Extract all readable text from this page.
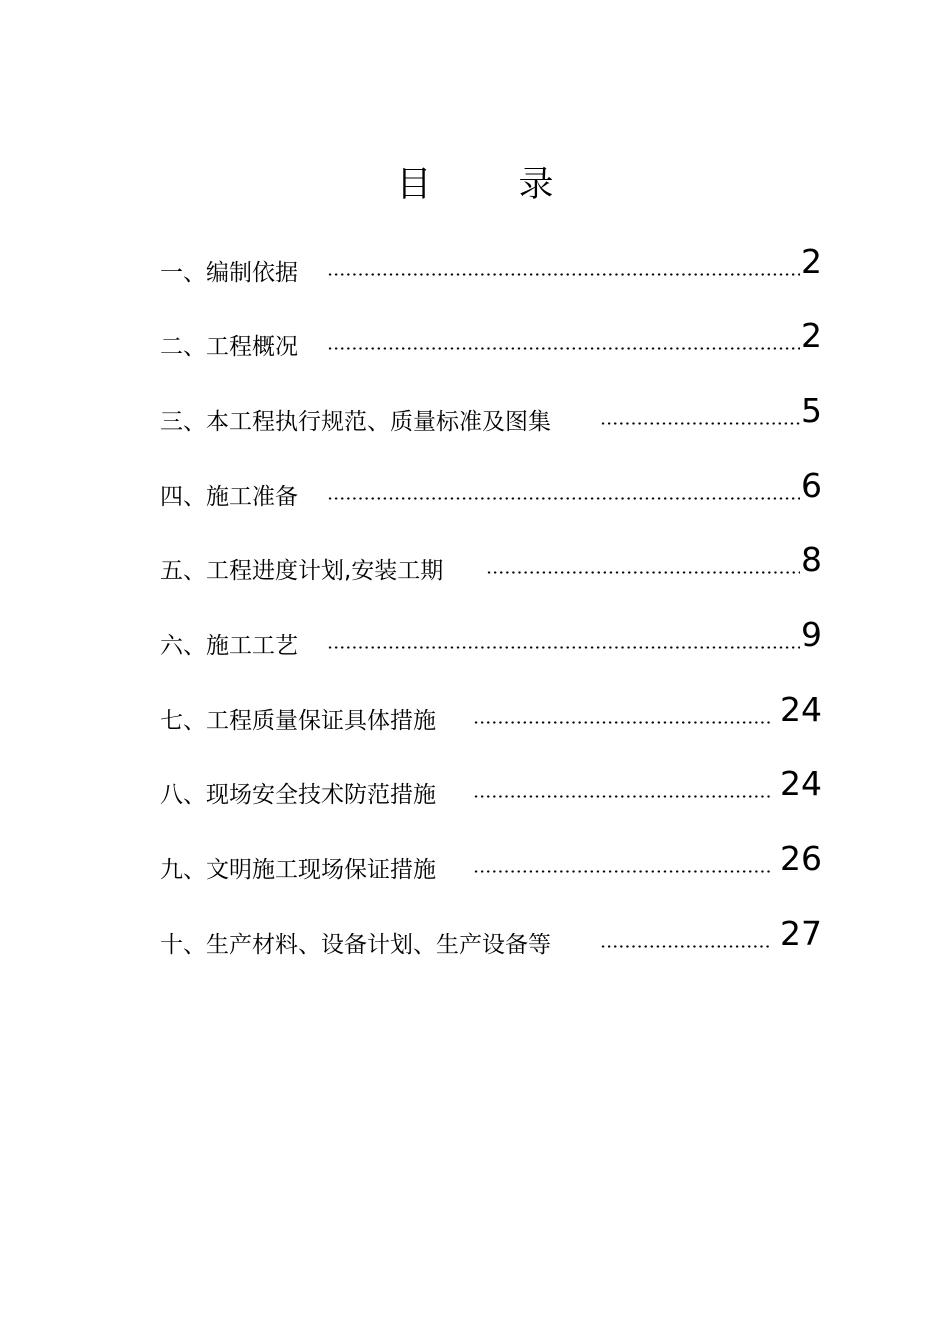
目 录
一、编制依据	2
二、工程概况	2
三、本工程执行规范、质量标准及图集	5
四、施工准备	6
五、工程进度计划,安装工期	8
六、施工工艺	9
七、工程质量保证具体措施	24
八、现场安全技术防范措施	24
九、文明施工现场保证措施	26
十、生产材料、设备计划、生产设备等	27
